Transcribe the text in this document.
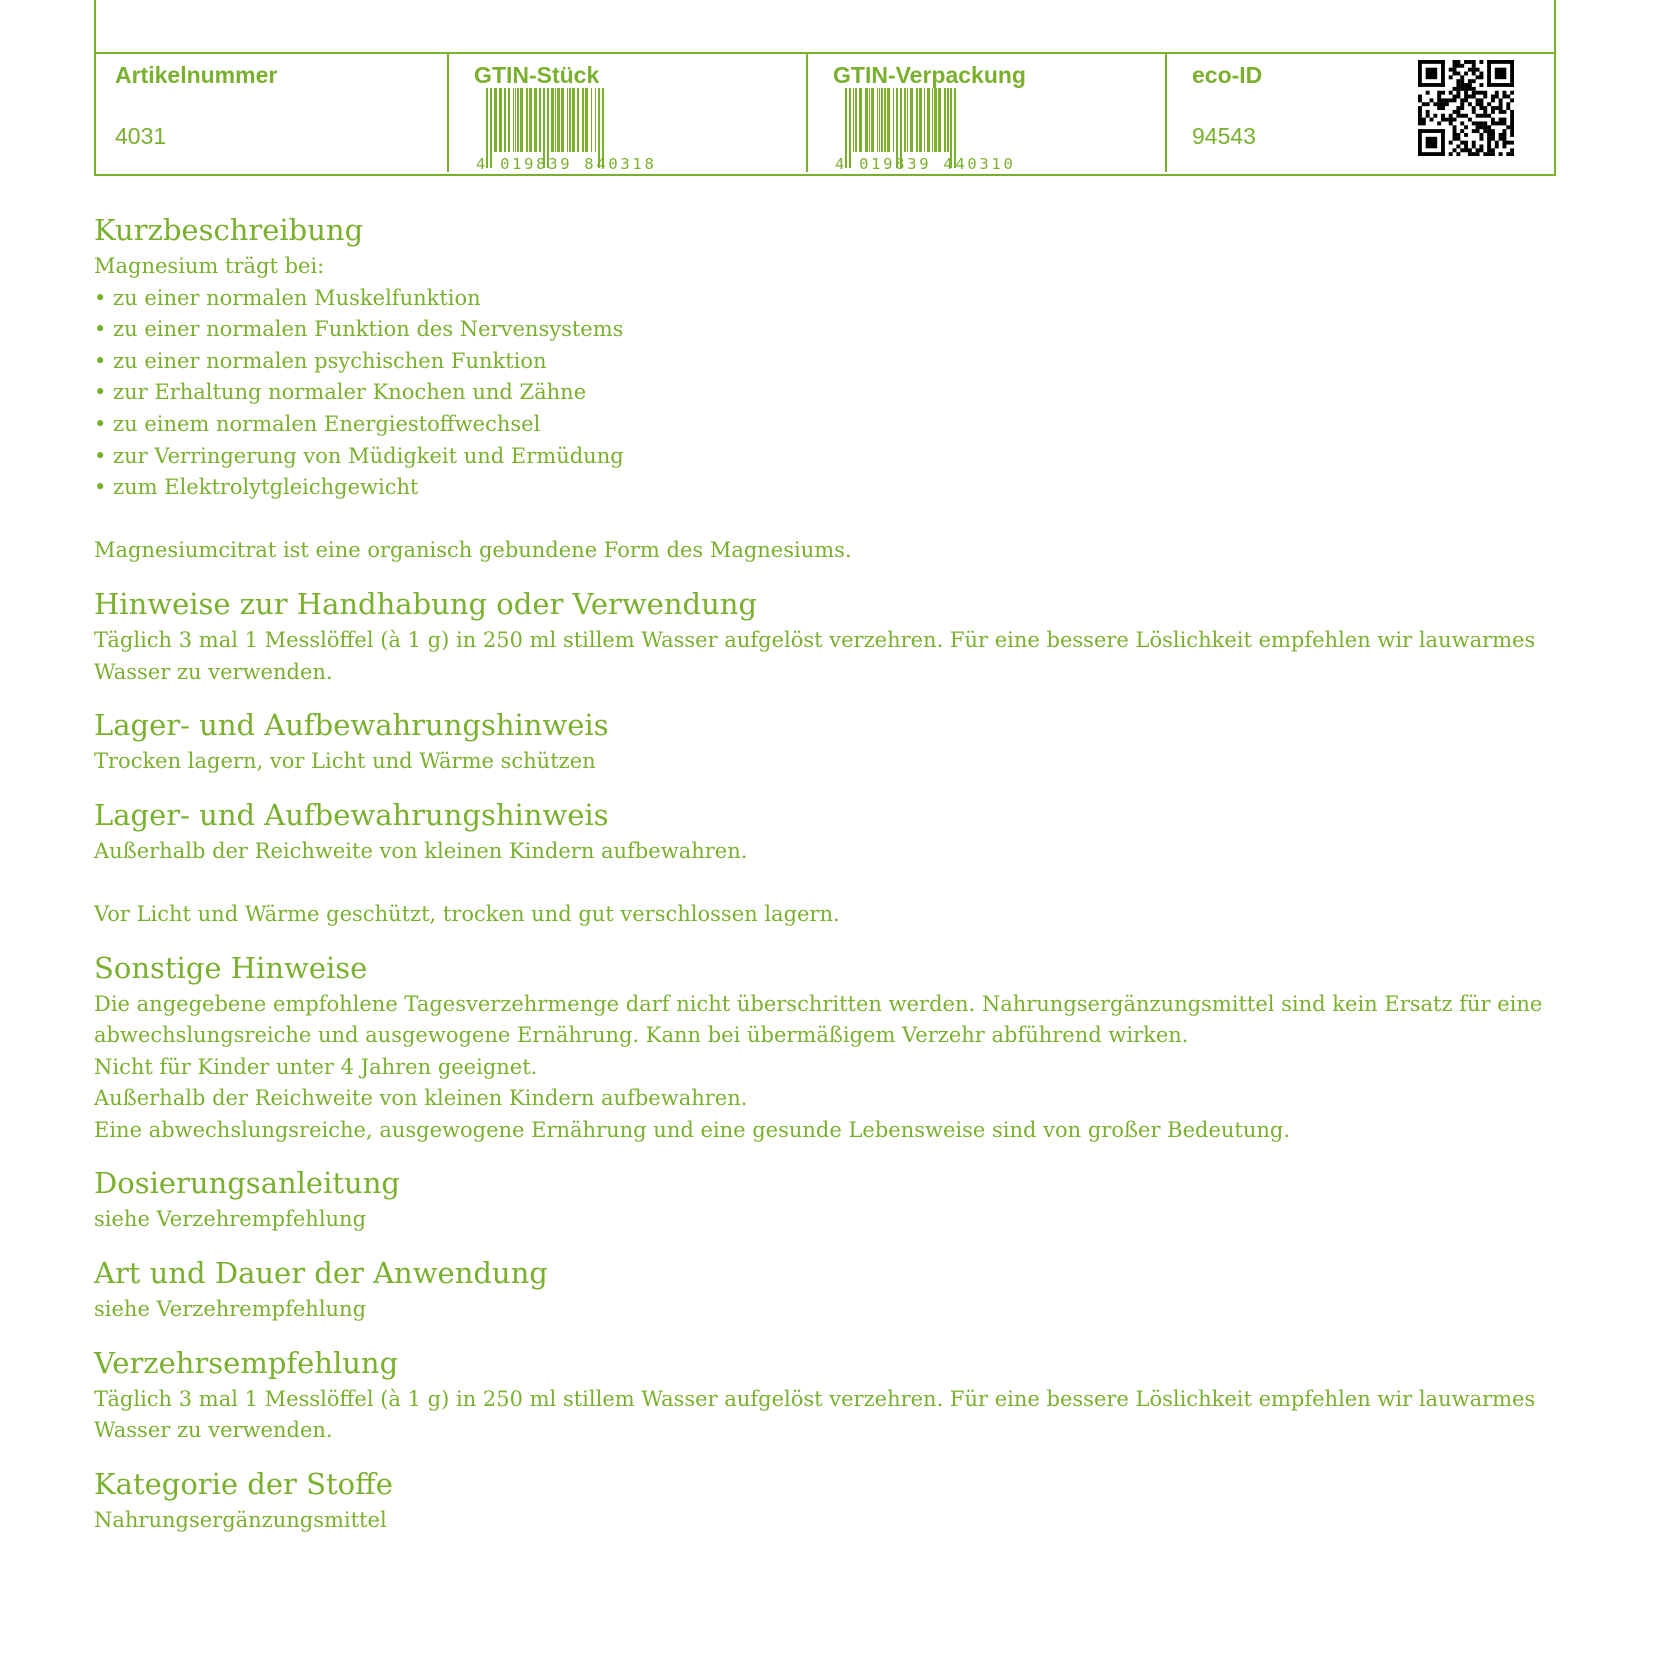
Artikelnummer
4031
GTIN-Stück
4 019839 840318
GTIN-Verpackung
4 019839 440310
eco-ID
94543
Kurzbeschreibung

Magnesium trägt bei:
• zu einer normalen Muskelfunktion
• zu einer normalen Funktion des Nervensystems
• zu einer normalen psychischen Funktion
• zur Erhaltung normaler Knochen und Zähne
• zu einem normalen Energiestoffwechsel
• zur Verringerung von Müdigkeit und Ermüdung
• zum Elektrolytgleichgewicht

Magnesiumcitrat ist eine organisch gebundene Form des Magnesiums.

Hinweise zur Handhabung oder Verwendung

Täglich 3 mal 1 Messlöffel (à 1 g) in 250 ml stillem Wasser aufgelöst verzehren. Für eine bessere Löslichkeit empfehlen wir lauwarmes Wasser zu verwenden.

Lager- und Aufbewahrungshinweis

Trocken lagern, vor Licht und Wärme schützen

Lager- und Aufbewahrungshinweis

Außerhalb der Reichweite von kleinen Kindern aufbewahren.

Vor Licht und Wärme geschützt, trocken und gut verschlossen lagern.

Sonstige Hinweise

Die angegebene empfohlene Tagesverzehrmenge darf nicht überschritten werden. Nahrungsergänzungsmittel sind kein Ersatz für eine abwechslungsreiche und ausgewogene Ernährung. Kann bei übermäßigem Verzehr abführend wirken.
Nicht für Kinder unter 4 Jahren geeignet.
Außerhalb der Reichweite von kleinen Kindern aufbewahren.
Eine abwechslungsreiche, ausgewogene Ernährung und eine gesunde Lebensweise sind von großer Bedeutung.

Dosierungsanleitung

siehe Verzehrempfehlung

Art und Dauer der Anwendung

siehe Verzehrempfehlung

Verzehrsempfehlung

Täglich 3 mal 1 Messlöffel (à 1 g) in 250 ml stillem Wasser aufgelöst verzehren. Für eine bessere Löslichkeit empfehlen wir lauwarmes Wasser zu verwenden.

Kategorie der Stoffe

Nahrungsergänzungsmittel
